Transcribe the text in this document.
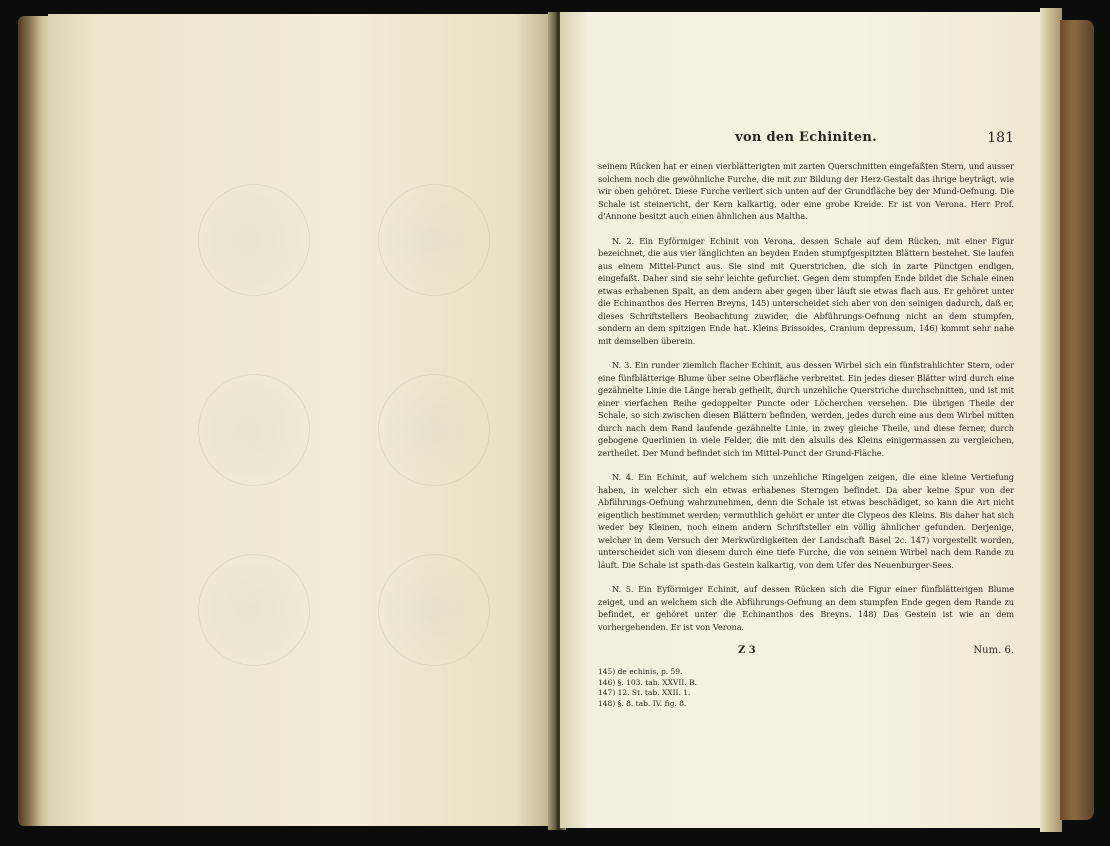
von den Echiniten.	181

seinem Rücken hat er einen vierblätterigten mit zarten Querschnitten eingefaßten Stern, und ausser solchem noch die gewöhnliche Furche, die mit zur Bildung der Herz-Gestalt das ihrige beyträgt, wie wir oben gehöret. Diese Furche verliert sich unten auf der Grundfläche bey der Mund-Oefnung. Die Schale ist steinericht, der Kern kalkartig, oder eine grobe Kreide. Er ist von Verona. Herr Prof. d'Annone besitzt auch einen ähnlichen aus Maltha.

N. 2. Ein Eyförmiger Echinit von Verona, dessen Schale auf dem Rücken, mit einer Figur bezeichnet, die aus vier länglichten an beyden Enden stumpfgespitzten Blättern bestehet. Sie laufen aus einem Mittel-Punct aus. Sie sind mit Querstrichen, die sich in zarte Pünctgen endigen, eingefaßt. Daher sind sie sehr leichte gefurchet. Gegen dem stumpfen Ende bildet die Schale einen etwas erhabenen Spalt, an dem andern aber gegen über läuft sie etwas flach aus. Er gehöret unter die Echinanthos des Herren Breyns, 145) unterscheidet sich aber von den seinigen dadurch, daß er, dieses Schriftstellers Beobachtung zuwider, die Abführungs-Oefnung nicht an dem stumpfen, sondern an dem spitzigen Ende hat. Kleins Brissoides, Cranium depressum, 146) kommt sehr nahe mit demselben überein.

N. 3. Ein runder ziemlich flacher Echinit, aus dessen Wirbel sich ein fünfstrahlichter Stern, oder eine fünfblätterige Blume über seine Oberfläche verbreitet. Ein jedes dieser Blätter wird durch eine gezähnelte Linie die Länge herab getheilt, durch unzehliche Querstriche durchschnitten, und ist mit einer vierfachen Reihe gedoppelter Puncte oder Löcherchen versehen. Die übrigen Theile der Schale, so sich zwischen diesen Blättern befinden, werden, jedes durch eine aus dem Wirbel mitten durch nach dem Rand laufende gezähnelte Linie, in zwey gleiche Theile, und diese ferner, durch gebogene Querlinien in viele Felder, die mit den alsulis des Kleins einigermassen zu vergleichen, zertheilet. Der Mund befindet sich im Mittel-Punct der Grund-Fläche.

N. 4. Ein Echinit, auf welchem sich unzehliche Ringelgen zeigen, die eine kleine Vertiefung haben, in welcher sich ein etwas erhabenes Sterngen befindet. Da aber keine Spur von der Abführungs-Oefnung wahrzunehmen, denn die Schale ist etwas beschädiget, so kann die Art nicht eigentlich bestimmet werden; vermuthlich gehört er unter die Clypeos des Kleins. Bis daher hat sich weder bey Kleinen, noch einem andern Schriftsteller ein völlig ähnlicher gefunden. Derjenige, welcher in dem Versuch der Merkwürdigkeiten der Landschaft Basel 2c. 147) vorgestellt worden, unterscheidet sich von diesem durch eine tiefe Furche, die von seinem Wirbel nach dem Rande zu läuft. Die Schale ist spath-das Gestein kalkartig, von dem Ufer des Neuenburger-Sees.

N. 5. Ein Eyförmiger Echinit, auf dessen Rücken sich die Figur einer fünfblätterigen Blume zeiget, und an welchem sich die Abführungs-Oefnung an dem stumpfen Ende gegen dem Rande zu befindet, er gehöret unter die Echinanthos des Breyns. 148) Das Gestein ist wie an dem vorhergehenden. Er ist von Verona.

Z 3	Num. 6.
145) de echinis, p. 59.
146) §. 103. tab. XXVII. B.
147) 12. St. tab. XXII. 1.
148) §. 8. tab. IV. fig. 8.
